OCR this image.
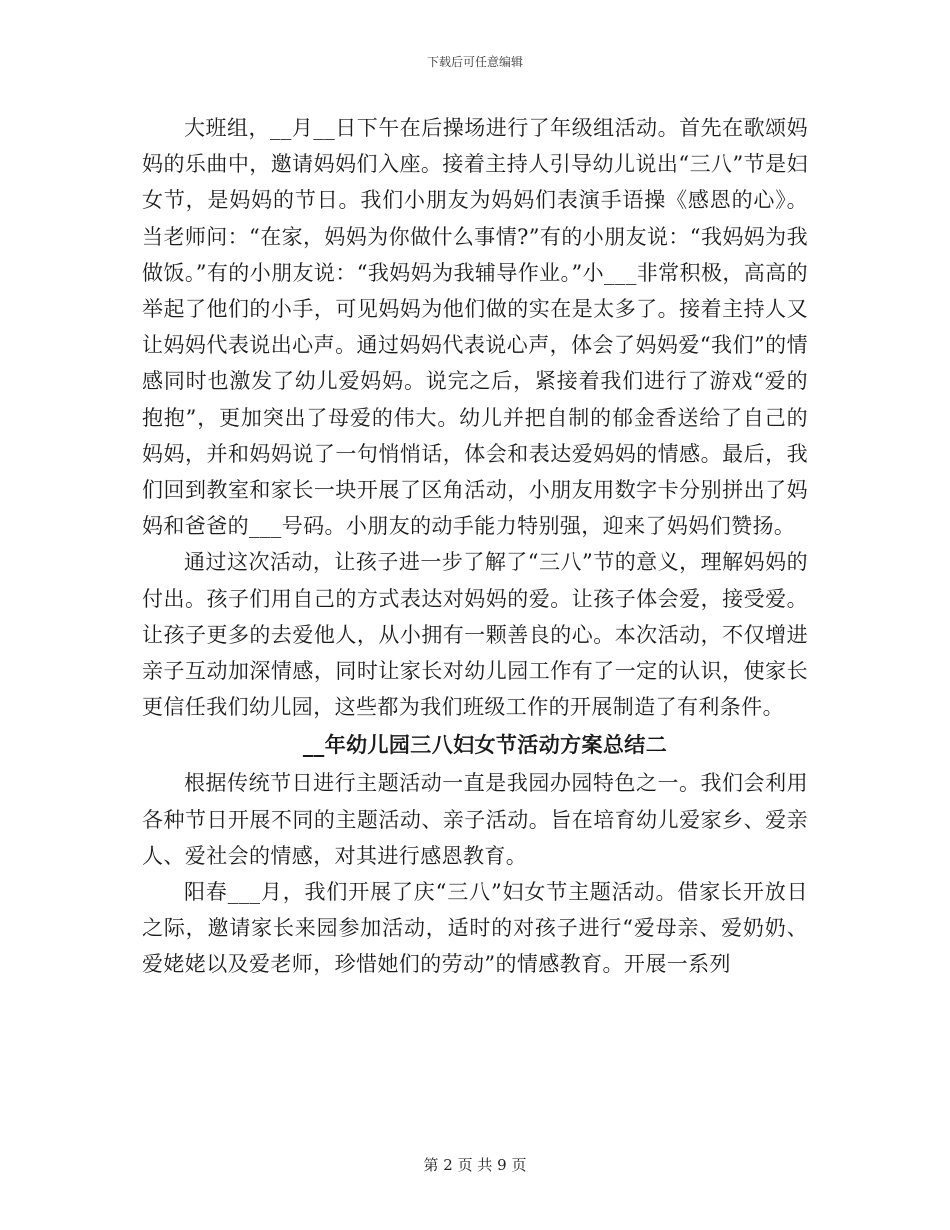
下载后可任意编辑

大班组，__月__日下午在后操场进行了年级组活动。首先在歌颂妈妈的乐曲中，邀请妈妈们入座。接着主持人引导幼儿说出“三八”节是妇女节，是妈妈的节日。我们小朋友为妈妈们表演手语操《感恩的心》。当老师问：“在家，妈妈为你做什么事情?”有的小朋友说：“我妈妈为我做饭。”有的小朋友说：“我妈妈为我辅导作业。”小___非常积极，高高的举起了他们的小手，可见妈妈为他们做的实在是太多了。接着主持人又让妈妈代表说出心声。通过妈妈代表说心声，体会了妈妈爱“我们”的情感同时也激发了幼儿爱妈妈。说完之后，紧接着我们进行了游戏“爱的抱抱”，更加突出了母爱的伟大。幼儿并把自制的郁金香送给了自己的妈妈，并和妈妈说了一句悄悄话，体会和表达爱妈妈的情感。最后，我们回到教室和家长一块开展了区角活动，小朋友用数字卡分别拼出了妈妈和爸爸的___号码。小朋友的动手能力特别强，迎来了妈妈们赞扬。

通过这次活动，让孩子进一步了解了“三八”节的意义，理解妈妈的付出。孩子们用自己的方式表达对妈妈的爱。让孩子体会爱，接受爱。让孩子更多的去爱他人，从小拥有一颗善良的心。本次活动，不仅增进亲子互动加深情感，同时让家长对幼儿园工作有了一定的认识，使家长更信任我们幼儿园，这些都为我们班级工作的开展制造了有利条件。

__年幼儿园三八妇女节活动方案总结二

根据传统节日进行主题活动一直是我园办园特色之一。我们会利用各种节日开展不同的主题活动、亲子活动。旨在培育幼儿爱家乡、爱亲人、爱社会的情感，对其进行感恩教育。

阳春___月，我们开展了庆“三八”妇女节主题活动。借家长开放日之际，邀请家长来园参加活动，适时的对孩子进行“爱母亲、爱奶奶、爱姥姥以及爱老师，珍惜她们的劳动”的情感教育。开展一系列

第 2 页 共 9 页
